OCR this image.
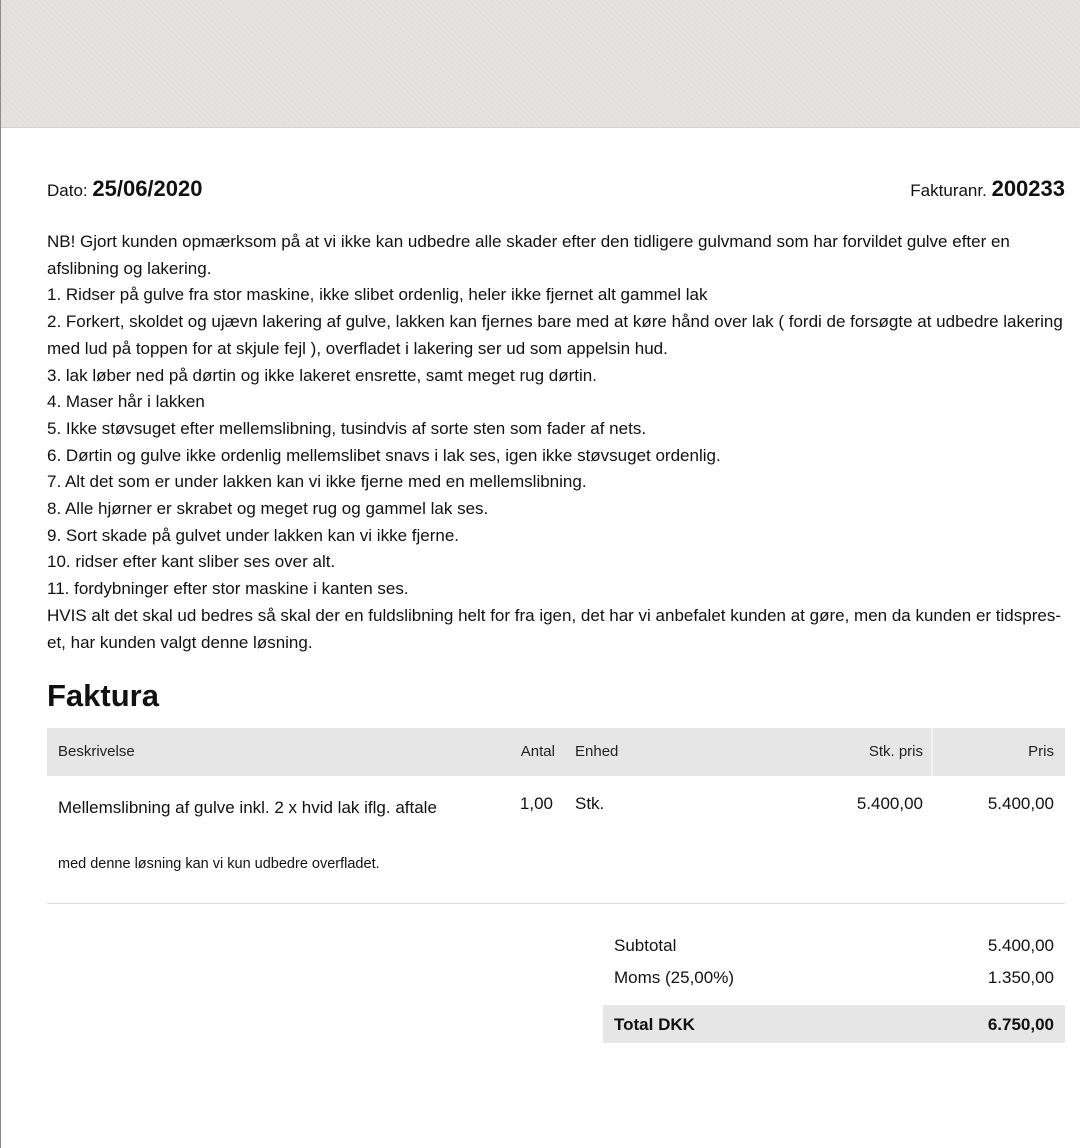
Dato: 25/06/2020	Fakturanr. 200233

NB! Gjort kunden opmærksom på at vi ikke kan udbedre alle skader efter den tidligere gulvmand som har forvildet gulve efter en afslibning og lakering.

1. Ridser på gulve fra stor maskine, ikke slibet ordenlig, heler ikke fjernet alt gammel lak

2. Forkert, skoldet og ujævn lakering af gulve, lakken kan fjernes bare med at køre hånd over lak ( fordi de forsøgte at udbedre lakering med lud på toppen for at skjule fejl ), overfladet i lakering ser ud som appelsin hud.

3. lak løber ned på dørtin og ikke lakeret ensrette, samt meget rug dørtin.

4. Maser hår i lakken

5. Ikke støvsuget efter mellemslibning, tusindvis af sorte sten som fader af nets.

6. Dørtin og gulve ikke ordenlig mellemslibet snavs i lak ses, igen ikke støvsuget ordenlig.

7. Alt det som er under lakken kan vi ikke fjerne med en mellemslibning.

8. Alle hjørner er skrabet og meget rug og gammel lak ses.

9. Sort skade på gulvet under lakken kan vi ikke fjerne.

10. ridser efter kant sliber ses over alt.

11. fordybninger efter stor maskine i kanten ses.

HVIS alt det skal ud bedres så skal der en fuldslibning helt for fra igen, det har vi anbefalet kunden at gøre, men da kunden er tidspres-et, har kunden valgt denne løsning.

Faktura
Beskrivelse	Antal Enhed	Stk. pris	Pris
Mellemslibning af gulve inkl. 2 x hvid lak iflg. aftale	1,00 Stk.	5.400,00	5.400,00
med denne løsning kan vi kun udbedre overfladet.
Subtotal	5.400,00
Moms (25,00%)	1.350,00
Total DKK	6.750,00
